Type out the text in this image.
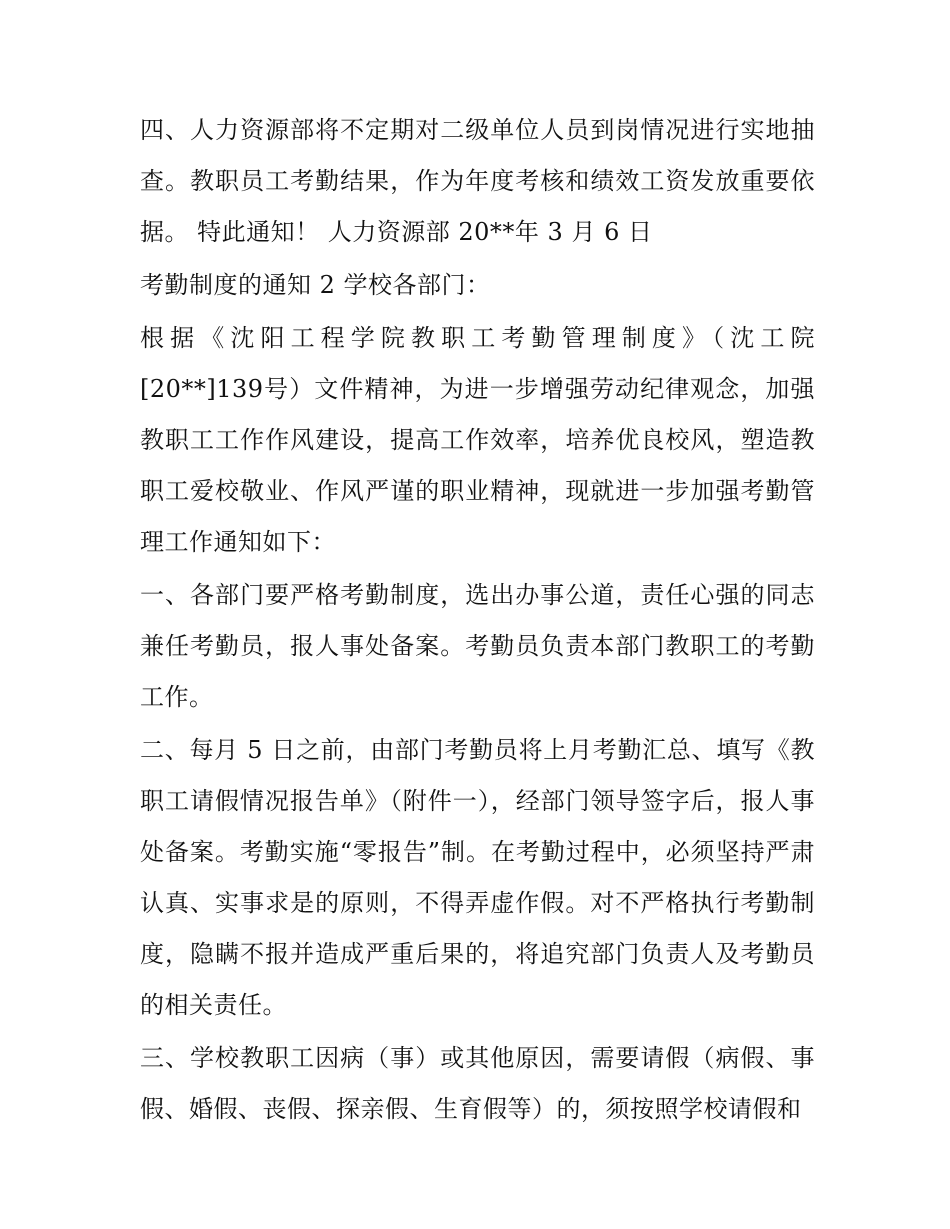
四、人力资源部将不定期对二级单位人员到岗情况进行实地抽查。教职员工考勤结果，作为年度考核和绩效工资发放重要依据。 特此通知！ 人力资源部 20**年 3 月 6 日

考勤制度的通知 2 学校各部门：

根据《沈阳工程学院教职工考勤管理制度》（沈工院[20**]139号）文件精神，为进一步增强劳动纪律观念，加强教职工工作作风建设，提高工作效率，培养优良校风，塑造教职工爱校敬业、作风严谨的职业精神，现就进一步加强考勤管理工作通知如下：

一、各部门要严格考勤制度，选出办事公道，责任心强的同志兼任考勤员，报人事处备案。考勤员负责本部门教职工的考勤工作。

二、每月 5 日之前，由部门考勤员将上月考勤汇总、填写《教职工请假情况报告单》（附件一），经部门领导签字后，报人事处备案。考勤实施“零报告”制。在考勤过程中，必须坚持严肃认真、实事求是的原则，不得弄虚作假。对不严格执行考勤制度，隐瞒不报并造成严重后果的，将追究部门负责人及考勤员的相关责任。

三、学校教职工因病（事）或其他原因，需要请假（病假、事假、婚假、丧假、探亲假、生育假等）的，须按照学校请假和
